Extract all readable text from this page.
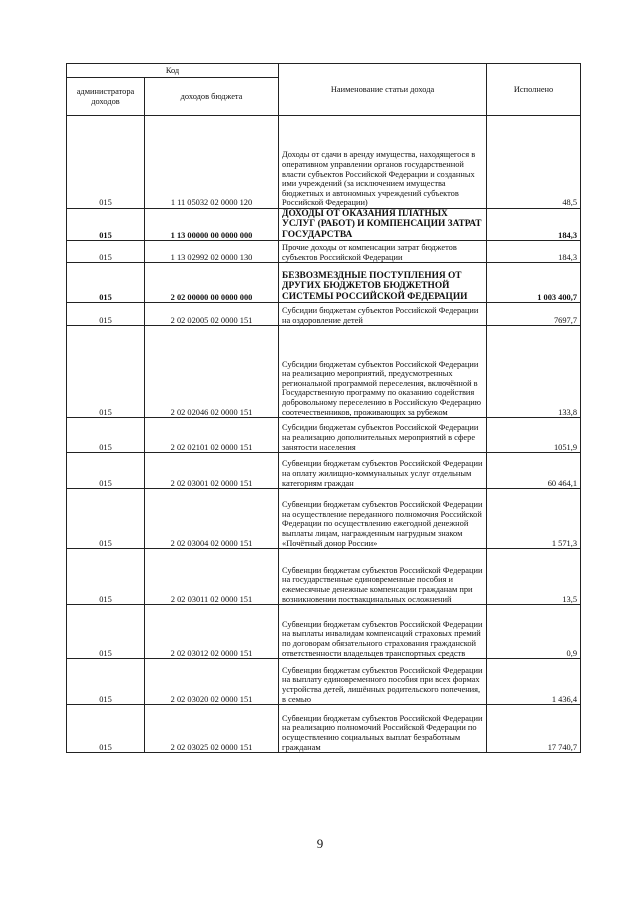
Код		Наименование статьи дохода	Исполнено
администратора доходов	доходов бюджета		
015	1 11 05032 02 0000 120	Доходы от сдачи в аренду имущества, находящегося в оперативном управлении органов государственной власти субъектов Российской Федерации и созданных ими учреждений (за исключением имущества бюджетных и автономных учреждений субъектов Российской Федерации)	48,5
015	1 13 00000 00 0000 000	ДОХОДЫ ОТ ОКАЗАНИЯ ПЛАТНЫХ УСЛУГ (РАБОТ) И КОМПЕНСАЦИИ ЗАТРАТ ГОСУДАРСТВА	184,3
015	1 13 02992 02 0000 130	Прочие доходы от компенсации затрат бюджетов субъектов Российской Федерации	184,3
015	2 02 00000 00 0000 000	БЕЗВОЗМЕЗДНЫЕ ПОСТУПЛЕНИЯ ОТ ДРУГИХ БЮДЖЕТОВ БЮДЖЕТНОЙ СИСТЕМЫ РОССИЙСКОЙ ФЕДЕРАЦИИ	1 003 400,7
015	2 02 02005 02 0000 151	Субсидии бюджетам субъектов Российской Федерации на оздоровление детей	7697,7
015	2 02 02046 02 0000 151	Субсидии бюджетам субъектов Российской Федерации на реализацию мероприятий, предусмотренных региональной программой переселения, включённой в Государственную программу по оказанию содействия добровольному переселению в Российскую Федерацию соотечественников, проживающих за рубежом	133,8
015	2 02 02101 02 0000 151	Субсидии бюджетам субъектов Российской Федерации на реализацию дополнительных мероприятий в сфере занятости населения	1051,9
015	2 02 03001 02 0000 151	Субвенции бюджетам субъектов Российской Федерации на оплату жилищно-коммунальных услуг отдельным категориям граждан	60 464,1
015	2 02 03004 02 0000 151	Субвенции бюджетам субъектов Российской Федерации на осуществление переданного полномочия Российской Федерации по осуществлению ежегодной денежной выплаты лицам, награжденным нагрудным знаком «Почётный донор России»	1 571,3
015	2 02 03011 02 0000 151	Субвенции бюджетам субъектов Российской Федерации на государственные единовременные пособия и ежемесячные денежные компенсации гражданам при возникновении поствакцинальных осложнений	13,5
015	2 02 03012 02 0000 151	Субвенции бюджетам субъектов Российской Федерации на выплаты инвалидам компенсаций страховых премий по договорам обязательного страхования гражданской ответственности владельцев транспортных средств	0,9
015	2 02 03020 02 0000 151	Субвенции бюджетам субъектов Российской Федерации на выплату единовременного пособия при всех формах устройства детей, лишённых родительского попечения, в семью	1 436,4
015	2 02 03025 02 0000 151	Субвенции бюджетам субъектов Российской Федерации на реализацию полномочий Российской Федерации по осуществлению социальных выплат безработным гражданам	17 740,7
9
